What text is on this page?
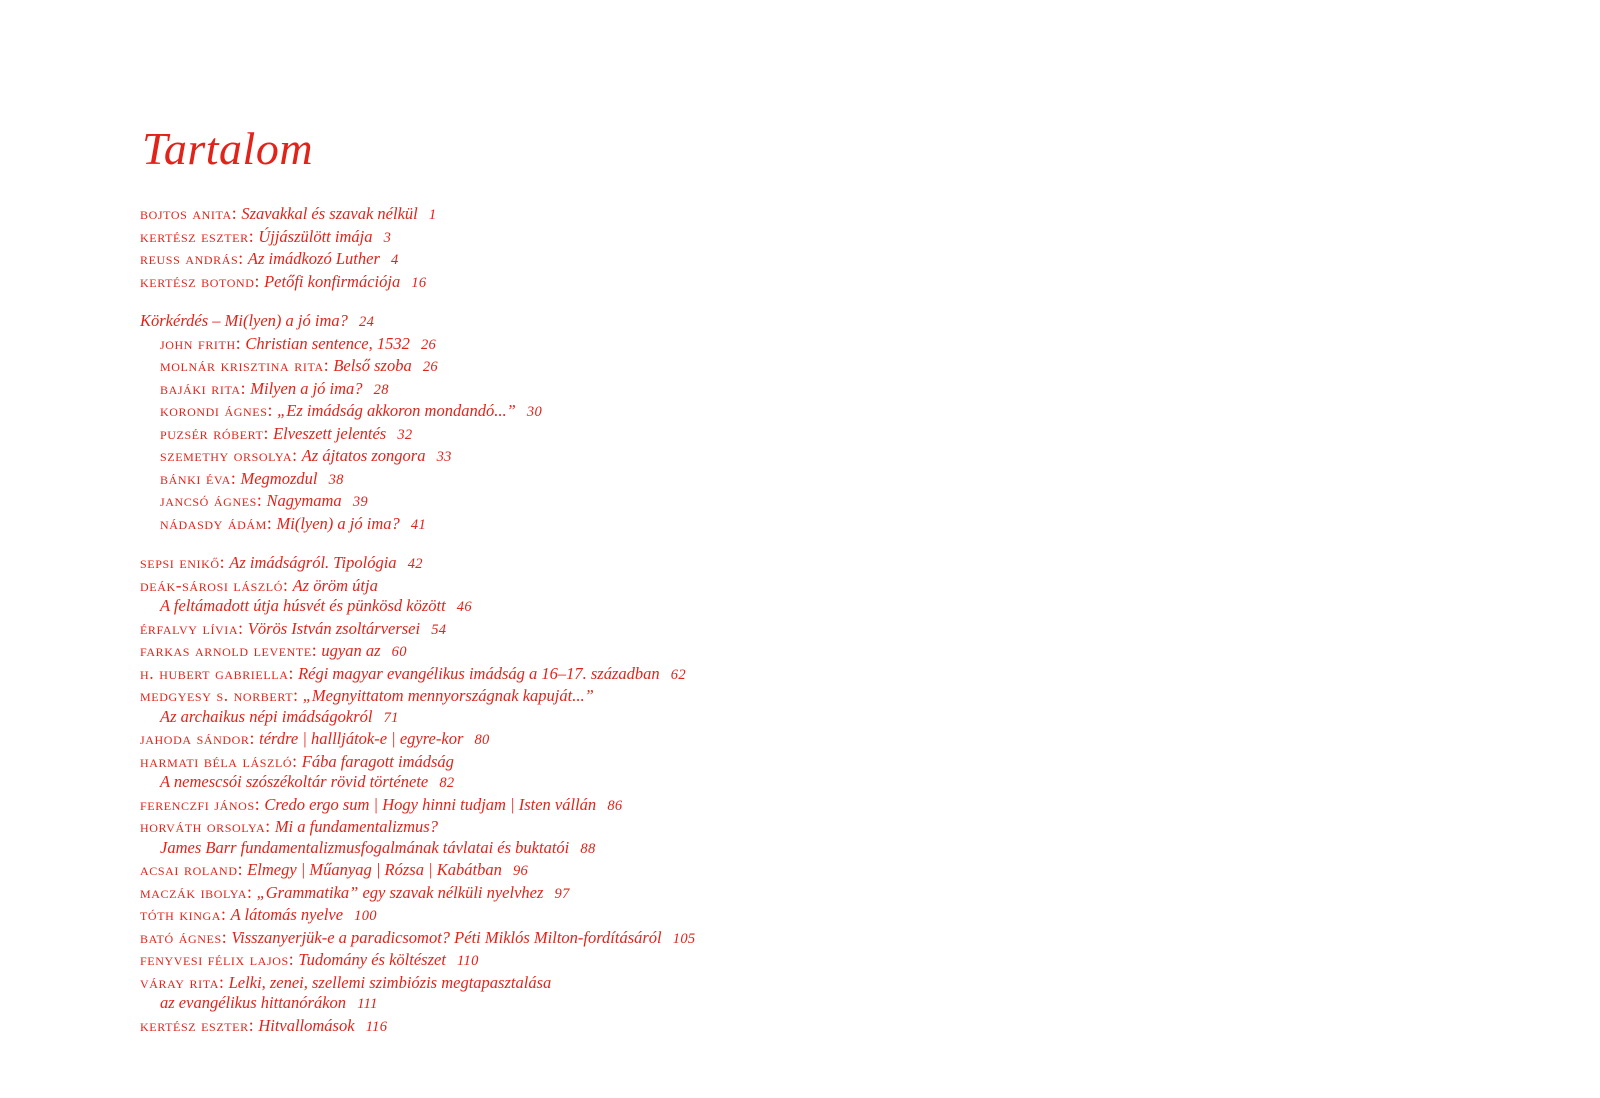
Tartalom
bojtos anita: Szavakkal és szavak nélkül 1
kertész eszter: Újjászülött imája 3
reuss andrás: Az imádkozó Luther 4
kertész botond: Petőfi konfirmációja 16
Körkérdés – Mi(lyen) a jó ima? 24
john frith: Christian sentence, 1532 26
molnár krisztina rita: Belső szoba 26
bajáki rita: Milyen a jó ima? 28
korondi ágnes: „Ez imádság akkoron mondandó...” 30
puzsér róbert: Elveszett jelentés 32
szemethy orsolya: Az ájtatos zongora 33
bánki éva: Megmozdul 38
jancsó ágnes: Nagymama 39
nádasdy ádám: Mi(lyen) a jó ima? 41
sepsi enikő: Az imádságról. Tipológia 42
deák-sárosi lászló: Az öröm útja
A feltámadott útja húsvét és pünkösd között 46
érfalvy lívia: Vörös István zsoltárversei 54
farkas arnold levente: ugyan az 60
h. hubert gabriella: Régi magyar evangélikus imádság a 16–17. században 62
medgyesy s. norbert: „Megnyittatom mennyországnak kapuját...”
Az archaikus népi imádságokról 71
jahoda sándor: térdre | hallljátok-e | egyre-kor 80
harmati béla lászló: Fába faragott imádság
A nemescsói szószékoltár rövid története 82
ferenczfi jános: Credo ergo sum | Hogy hinni tudjam | Isten vállán 86
horváth orsolya: Mi a fundamentalizmus?
James Barr fundamentalizmusfogalmának távlatai és buktatói 88
acsai roland: Elmegy | Műanyag | Rózsa | Kabátban 96
maczák ibolya: „Grammatika” egy szavak nélküli nyelvhez 97
tóth kinga: A látomás nyelve 100
bató ágnes: Visszanyerjük-e a paradicsomot? Péti Miklós Milton-fordításáról 105
fenyvesi félix lajos: Tudomány és költészet 110
váray rita: Lelki, zenei, szellemi szimbiózis megtapasztalása
az evangélikus hittanórákon 111
kertész eszter: Hitvallomások 116
